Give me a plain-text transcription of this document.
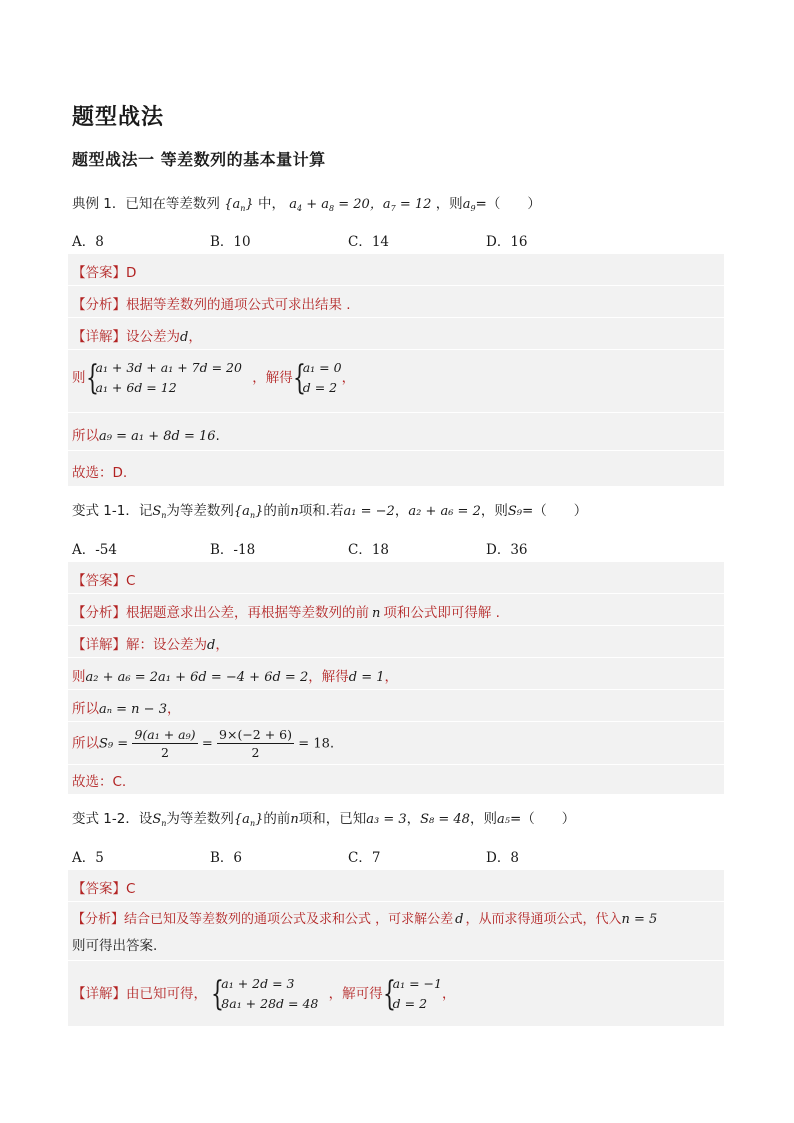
题型战法
题型战法一 等差数列的基本量计算
典例 1．已知在等差数列 $\{a_n\}$ 中， $a_4 + a_8 = 20$，$a_7 = 12$ ，则$a_9=$（　　）
A．8	B．10	C．14	D．16
【答案】D
【分析】根据等差数列的通项公式可求出结果 .
【详解】设公差为d，
则 {
a₁ + 3d + a₁ + 7d = 20
a₁ + 6d = 12
，解得 {
a₁ = 0
d = 2
，
所以a₉ = a₁ + 8d = 16.
故选：D.
变式 1-1．记$S_n$为等差数列$\{a_n\}$的前n项和.若a₁ = −2，a₂ + a₆ = 2，则S₉=（　　）
A．-54	B．-18	C．18	D．36
【答案】C
【分析】根据题意求出公差，再根据等差数列的前 n 项和公式即可得解 .
【详解】解：设公差为d，
则a₂ + a₆ = 2a₁ + 6d = −4 + 6d = 2，解得d = 1，
所以aₙ = n − 3，
所以$S_9 = \frac{\text{9(a₁ + a₉)}}{2} = \frac{9\times(-2 + 6)}{2} = 18$.
故选：C.
变式 1-2．设$S_n$为等差数列$\{a_n\}$的前n项和，已知a₃ = 3，S₈ = 48，则a₅=（　　）
A．5	B．6	C．7	D．8
【答案】C
【分析】结合已知及等差数列的通项公式及求和公式 ，可求解公差 d ，从而求得通项公式，代入n = 5
则可得出答案.
【详解】由已知可得， {
a₁ + 2d = 3
8a₁ + 28d = 48
，解可得 {
a₁ = −1
d = 2
，
